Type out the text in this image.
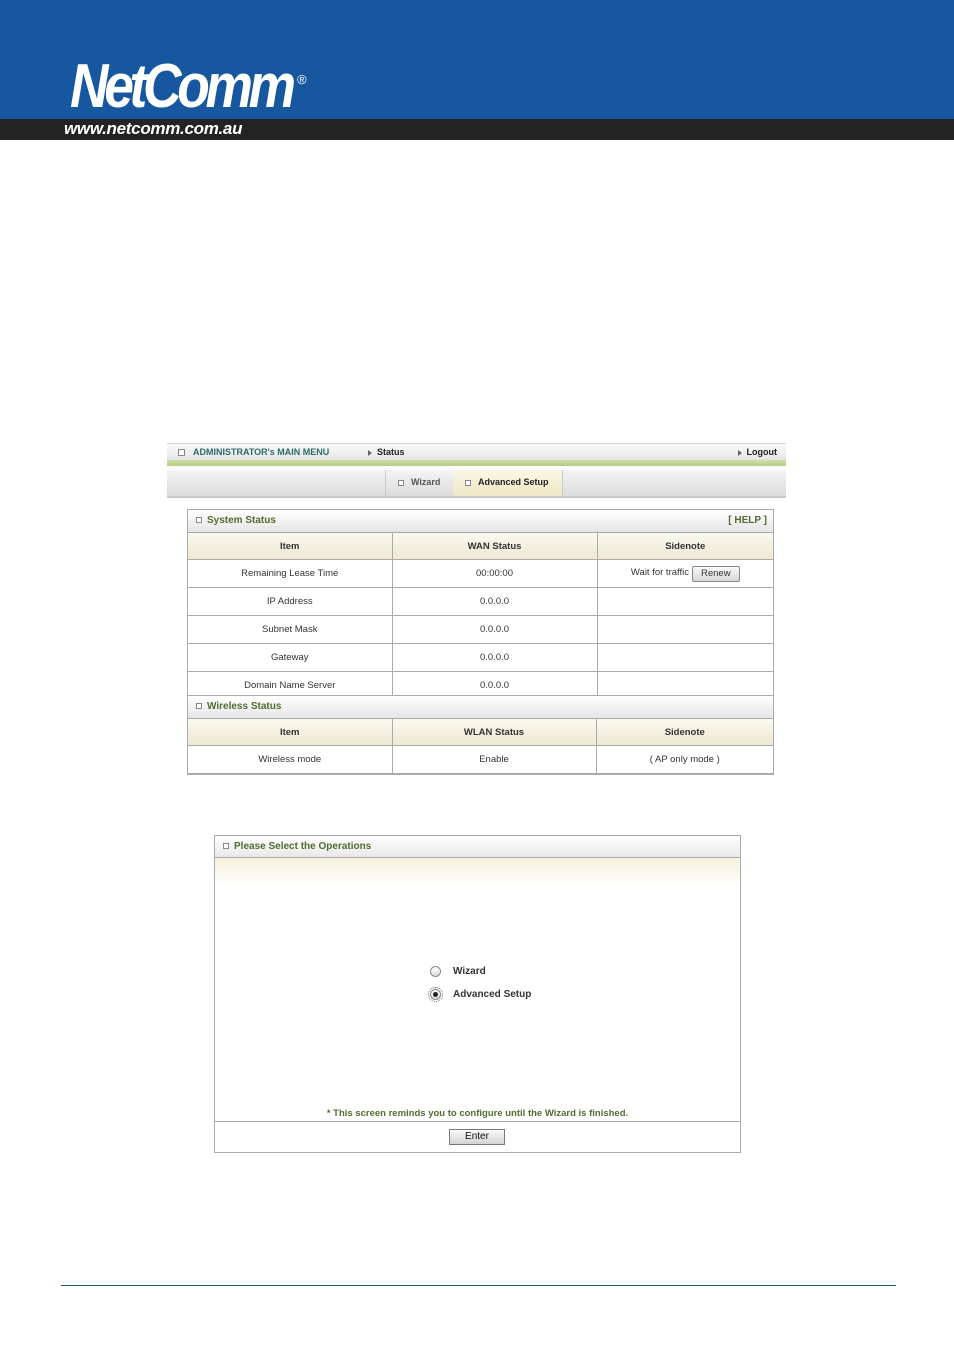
NetComm ®
www.netcomm.com.au
ADMINISTRATOR's MAIN MENU	Status	Logout
Wizard	Advanced Setup
System Status	[ HELP ]
Item	WAN Status	Sidenote
Remaining Lease Time	00:00:00	Wait for traffic Renew
IP Address	0.0.0.0	
Subnet Mask	0.0.0.0	
Gateway	0.0.0.0	
Domain Name Server	0.0.0.0	
Wireless Status
Item	WLAN Status	Sidenote
Wireless mode	Enable	( AP only mode )
Please Select the Operations
Wizard
Advanced Setup
* This screen reminds you to configure until the Wizard is finished.
Enter
